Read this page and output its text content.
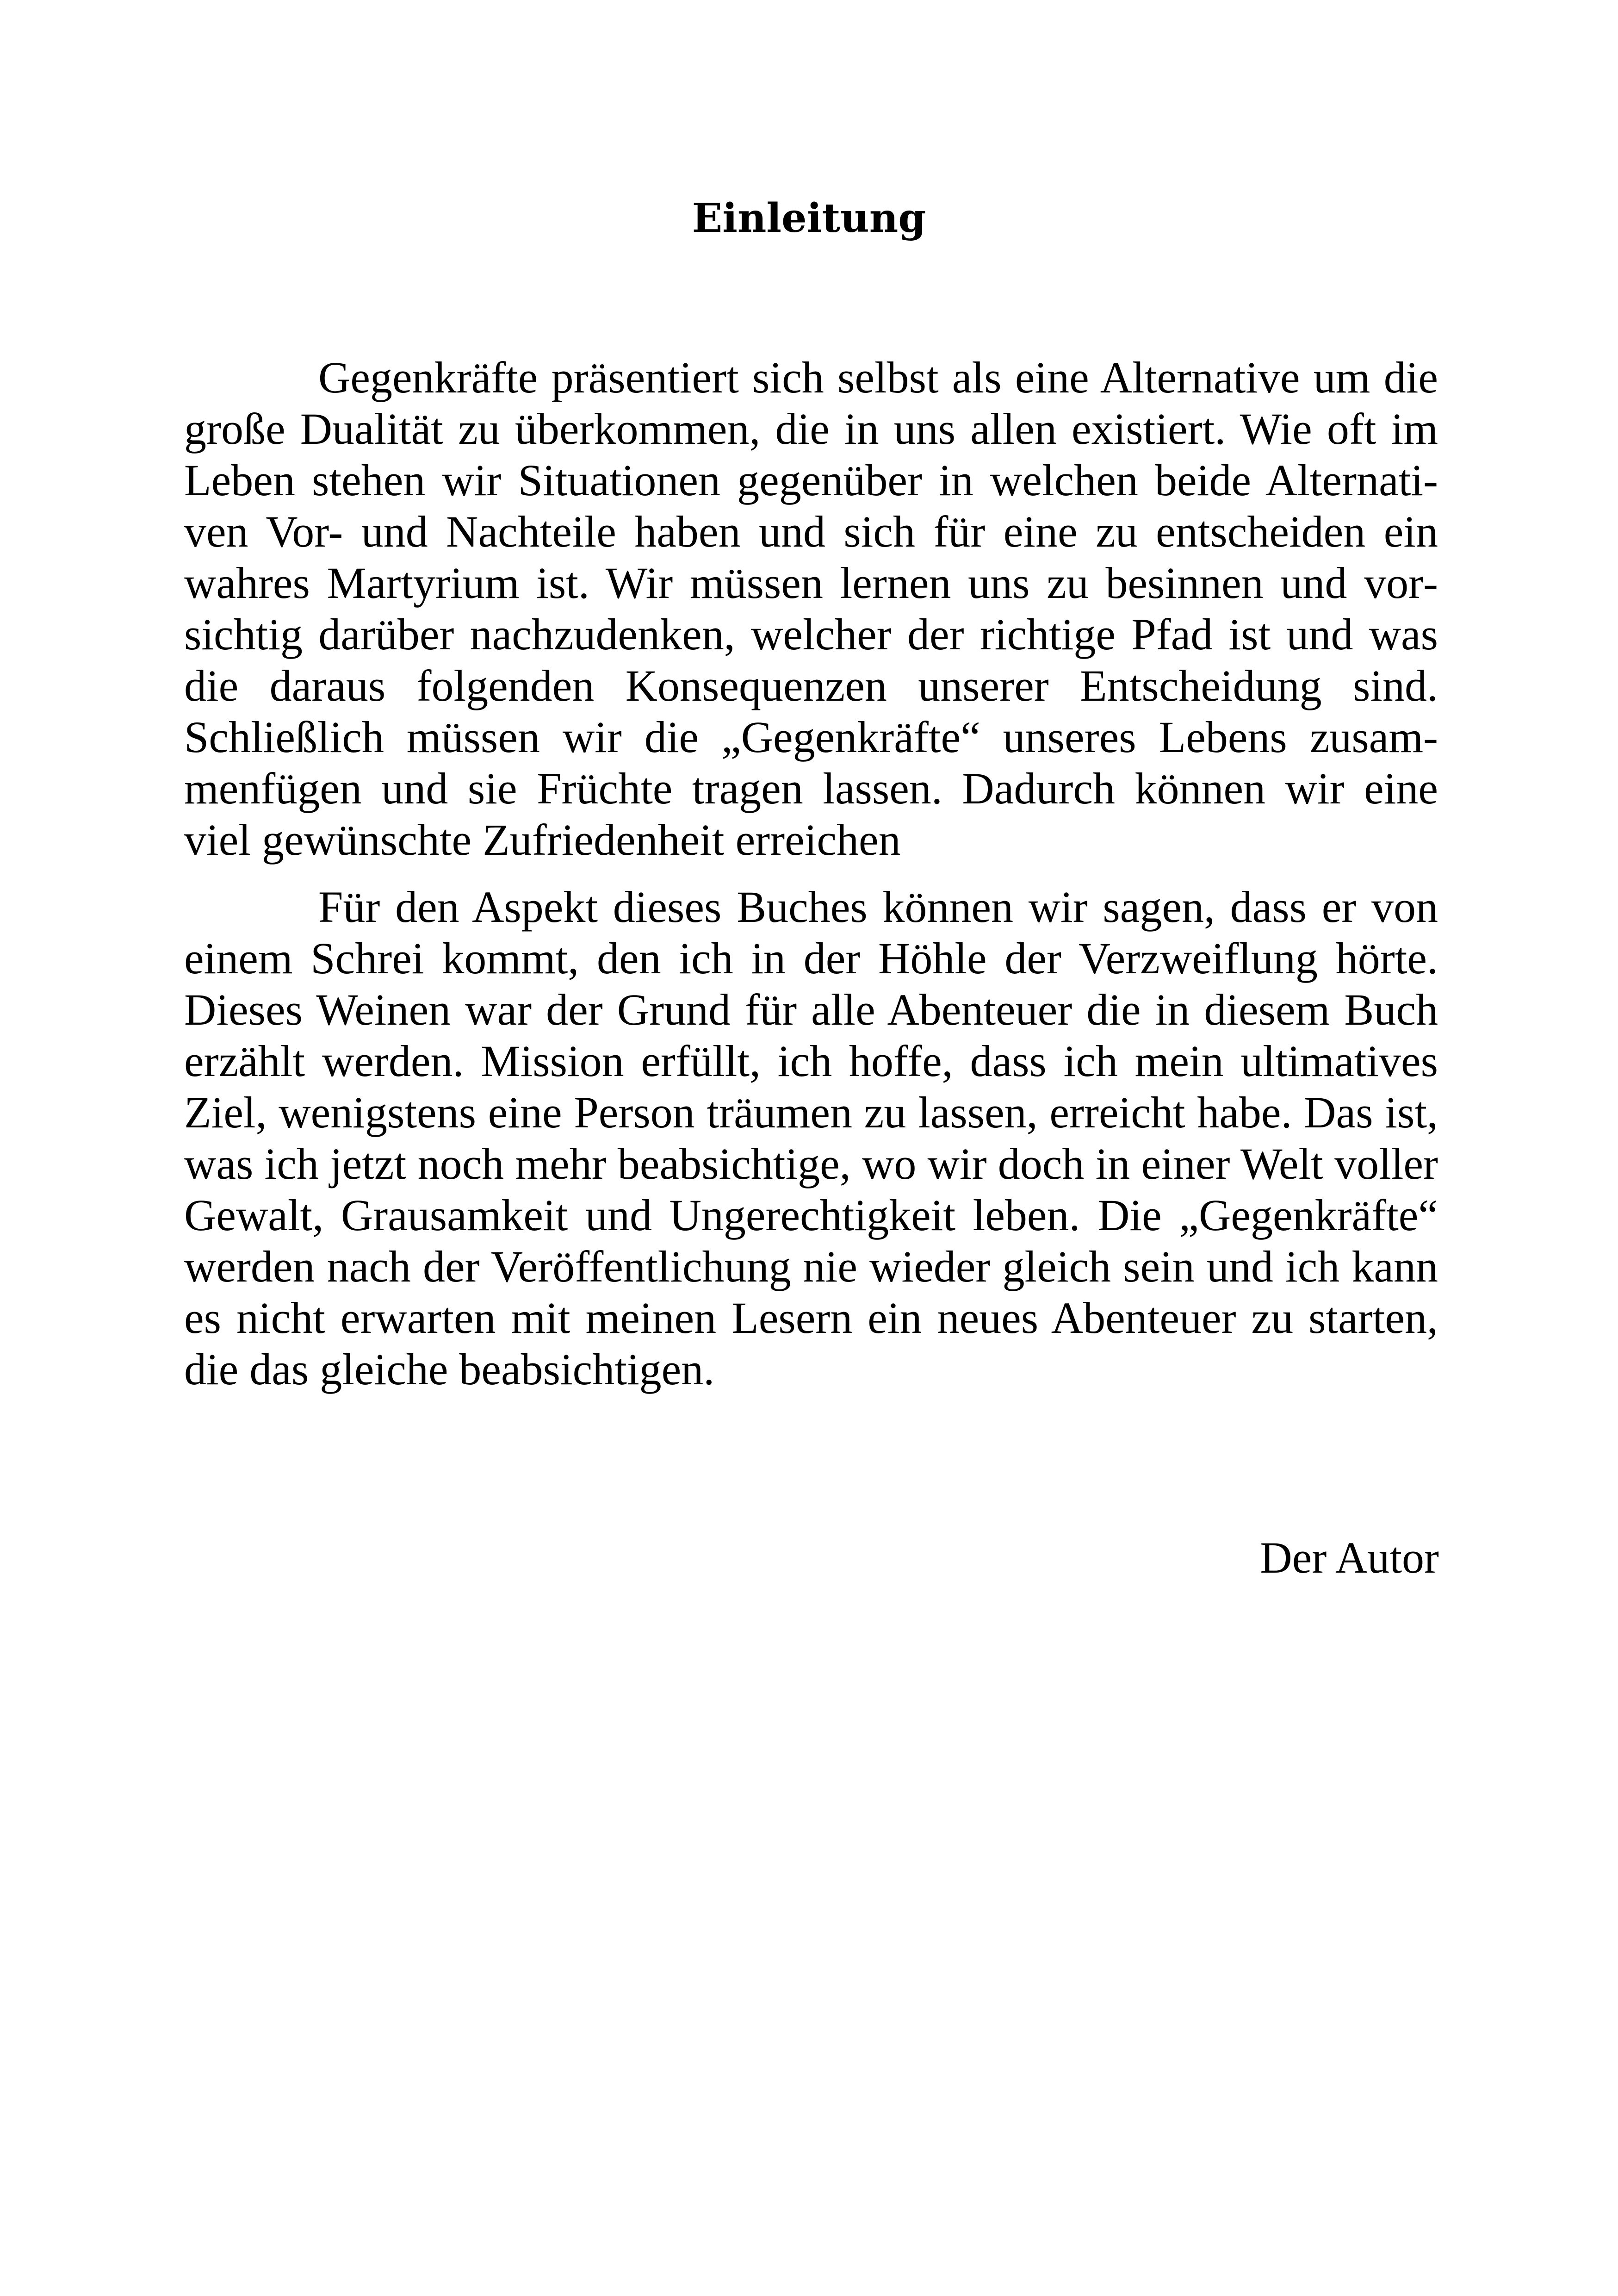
Einleitung

Gegenkräfte präsentiert sich selbst als eine Alternative um die große Dualität zu überkommen, die in uns allen existiert. Wie oft im Leben stehen wir Situationen gegenüber in welchen beide Alternativen Vor- und Nachteile haben und sich für eine zu entscheiden ein wahres Martyrium ist. Wir müssen lernen uns zu besinnen und vorsichtig darüber nachzudenken, welcher der richtige Pfad ist und was die daraus folgenden Konsequenzen unserer Entscheidung sind. Schließlich müssen wir die „Gegenkräfte“ unseres Lebens zusammenfügen und sie Früchte tragen lassen. Dadurch können wir eine viel gewünschte Zufriedenheit erreichen

Für den Aspekt dieses Buches können wir sagen, dass er von einem Schrei kommt, den ich in der Höhle der Verzweiflung hörte. Dieses Weinen war der Grund für alle Abenteuer die in diesem Buch erzählt werden. Mission erfüllt, ich hoffe, dass ich mein ultimatives Ziel, wenigstens eine Person träumen zu lassen, erreicht habe. Das ist, was ich jetzt noch mehr beabsichtige, wo wir doch in einer Welt voller Gewalt, Grausamkeit und Ungerechtigkeit leben. Die „Gegenkräfte“ werden nach der Veröffentlichung nie wieder gleich sein und ich kann es nicht erwarten mit meinen Lesern ein neues Abenteuer zu starten, die das gleiche beabsichtigen.

Der Autor
